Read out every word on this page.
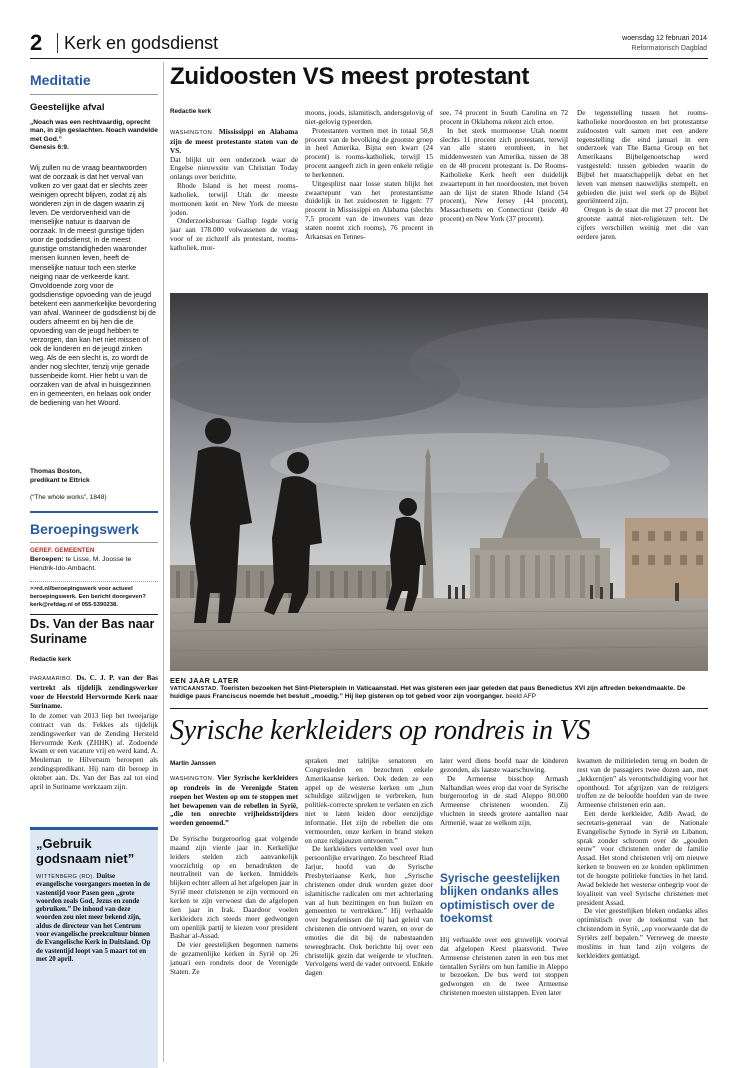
2 Kerk en godsdienst	woensdag 12 februari 2014
Reformatorisch Dagblad
Meditatie
Geestelijke afval
„Noach was een rechtvaardig, oprecht man, in zijn geslachten. Noach wandelde met God.”
Genesis 6:9.
Wij zullen nu de vraag beantwoorden wat de oorzaak is dat het verval van volken zo ver gaat dat er slechts zeer weinigen oprecht blijven, zodat zij als wonderen zijn in de dagen waarin zij leven. De verdorvenheid van de menselijke natuur is daarvan de oorzaak. In de meest gunstige tijden voor de godsdienst, in de meest gunstige omstandigheden waaronder mensen kunnen leven, heeft de menselijke natuur toch een sterke neiging naar de verkeerde kant. Onvoldoende zorg voor de godsdienstige opvoeding van de jeugd betekent een aanmerkelijke bevordering van afval. Wanneer de godsdienst bij de ouders afneemt en bij hen die de opvoeding van de jeugd hebben te verzorgen, dan kan het niet missen of ook de kinderen en de jeugd zinken weg. Als de een slecht is, zo wordt de ander nog slechter, tenzij vrije genade tussenbeide komt. Hier hebt u van de oorzaken van de afval in huisgezinnen en in gemeenten, en helaas ook onder de bediening van het Woord.
Thomas Boston,
predikant te Ettrick
(“The whole works”, 1848)
Beroepingswerk
GEREF. GEMEENTEN
Beroepen: te Lisse, M. Joosse te Hendrik-Ido-Ambacht.
>>rd.nl/beroepingswerk voor actueel beroepingswerk. Een bericht doorgeven? kerk@refdag.nl of 055-5390238.
Ds. Van der Bas naar Suriname
Redactie kerk

PARAMARIBO. Ds. C. J. P. van der Bas vertrekt als tijdelijk zendingswerker voor de Hersteld Hervormde Kerk naar Suriname.

In de zomer van 2013 liep het tweejarige contract van ds. Fekkes als tijdelijk zendingswerker van de Zending Hersteld Hervormde Kerk (ZHHK) af. Zodoende kwam er een vacature vrij en werd kand. A. Meuleman te Hilversum beroepen als zendingspredikant. Hij nam dit beroep in oktober aan. Ds. Van der Bas zal tot eind april in Suriname werkzaam zijn.
„Gebruik godsnaam niet”
WITTENBERG (RD). Duitse evangelische voorgangers moeten in de vastentijd voor Pasen geen „grote woorden zoals God, Jezus en zonde gebruiken.” De inhoud van deze woorden zou niet meer bekend zijn, aldus de directeur van het Centrum voor evangelische preekcultuur binnen de Evangelische Kerk in Duitsland. Op de vastentijd loopt van 5 maart tot en met 20 april.
Zuidoosten VS meest protestant
Redactie kerk

WASHINGTON. Mississippi en Alabama zijn de meest protestante staten van de VS.

Dat blijkt uit een onderzoek waar de Engelse nieuwssite van Christian Today onlangs over berichtte.

Rhode Island is het meest rooms-katholiek, terwijl Utah de meeste mormonen kent en New York de meeste joden.

Onderzoeksbureau Gallup legde vorig jaar aan 178.000 volwassenen de vraag voor of ze zichzelf als protestant, rooms-katholiek, mor-

moons, joods, islamitisch, andersgelovig of niet-gelovig typeerden.

Protestanten vormen met in totaal 50,8 procent van de bevolking de grootste groep in heel Amerika. Bijna een kwart (24 procent) is rooms-katholiek, terwijl 15 procent aangeeft zich in geen enkele religie te herkennen.

Uitgesplitst naar losse staten blijkt het zwaartepunt van het protestantisme duidelijk in het zuidoosten te liggen: 77 procent in Mississippi en Alabama (slechts 7,5 procent van de inwoners van deze staten noemt zich rooms), 76 procent in Arkansas en Tennes-

see, 74 procent in South Carolina en 72 procent in Oklahoma rekent zich ertoe.

In het sterk mormoonse Utah noemt slechts 11 procent zich protestant, terwijl van alle staten eromheen, in het middenwesten van Amerika, tussen de 38 en de 48 procent protestant is. De Rooms-Katholieke Kerk heeft een duidelijk zwaartepunt in het noordoosten, met boven aan de lijst de staten Rhode Island (54 procent), New Jersey (44 procent), Massachusetts en Connecticut (beide 40 procent) en New York (37 procent).

De tegenstelling tussen het rooms-katholieke noordoosten en het protestantse zuidoosten valt samen met een andere tegenstelling die eind januari in een onderzoek van The Barna Group en het Amerikaans Bijbelgenootschap werd vastgesteld: tussen gebieden waarin de Bijbel het maatschappelijk debat en het leven van mensen nauwelijks stempelt, en gebieden die juist wel sterk op de Bijbel georiënteerd zijn.

Oregon is de staat die met 27 procent het grootste aantal niet-religieuzen telt. De cijfers verschillen weinig met die van eerdere jaren.

EEN JAAR LATER
VATICAANSTAD. Toeristen bezoeken het Sint-Pietersplein in Vaticaanstad. Het was gisteren een jaar geleden dat paus Benedictus XVI zijn aftreden bekendmaakte. De huidige paus Franciscus noemde het besluit „moedig.” Hij liep gisteren op tot gebed voor zijn voorganger. beeld AFP
Syrische kerkleiders op rondreis in VS
Martin Janssen

WASHINGTON. Vier Syrische kerkleiders op rondreis in de Verenigde Staten roepen het Westen op om te stoppen met het bewapenen van de rebellen in Syrië, „die ten onrechte vrijheidsstrijders worden genoemd.”

De Syrische burgeroorlog gaat volgende maand zijn vierde jaar in. Kerkelijke leiders stelden zich aanvankelijk voorzichtig op en benadrukten de neutraliteit van de kerken. Inmiddels blijken echter alleen al het afgelopen jaar in Syrië meer christenen te zijn vermoord en kerken te zijn verwoest dan de afgelopen tien jaar in Irak. Daardoor voelen kerkleiders zich steeds meer gedwongen om openlijk partij te kiezen voor president Bashar al-Assad.

De vier geestelijken begonnen namens de gezamenlijke kerken in Syrië op 26 januari een rondreis door de Verenigde Staten. Ze

spraken met talrijke senatoren en Congresleden en bezochten enkele Amerikaanse kerken. Ook deden ze een appel op de westerse kerken om „hun schuldige stilzwijgen te verbreken, hun politiek-correcte spreken te verlaten en zich niet te laten leiden door eenzijdige informatie. Het zijn de rebellen die ons vermoorden, onze kerken in brand steken en onze religieuzen ontvoeren.”

De kerkleiders vertelden veel over hun persoonlijke ervaringen. Zo beschreef Riad Jarjur, hoofd van de Syrische Presbyteriaanse Kerk, hoe „Syrische christenen onder druk worden gezet door islamitische radicalen om met achterlating van al hun bezittingen en hun huizen en gemeenten te vertrekken.” Hij verhaalde over begrafenissen die hij had geleid van christenen die ontvoerd waren, en over de emoties die dit bij de nabestaanden teweegbracht. Ook berichtte hij over een christelijk gezin dat weigerde te vluchten. Vervolgens werd de vader ontvoerd. Enkele dagen

later werd diens hoofd naar de kinderen gezonden, als laatste waarschuwing.

De Armeense bisschop Armash Nalbandian wees erop dat voor de Syrische burgeroorlog in de stad Aleppo 80.000 Armeense christenen woonden. Zij vluchten in steeds grotere aantallen naar Armenië, waar ze welkom zijn.

Syrische geestelijken blijken ondanks alles optimistisch over de toekomst
Hij verhaalde over een gruwelijk voorval dat afgelopen Kerst plaatsvond. Twee Armeense christenen zaten in een bus met tientallen Syriërs om hun familie in Aleppo te bezoeken. De bus werd tot stoppen gedwongen en de twee Armeense christenen moesten uitstappen. Even later

kwamen de militieleden terug en boden de rest van de passagiers twee dozen aan, met „lekkernijen” als verontschuldiging voor het oponthoud. Tot afgrijzen van de reizigers troffen ze de beloofde hoofden van de twee Armeense christenen erin aan.

Een derde kerkleider, Adib Awad, de secretaris-generaal van de Nationale Evangelische Synode in Syrië en Libanon, sprak zonder schroom over de „gouden eeuw” voor christenen onder de familie Assad. Het stond christenen vrij om nieuwe kerken te bouwen en ze konden opklimmen tot de hoogste politieke functies in het land. Awad beklede het westerse onbegrip voor de loyaliteit van veel Syrische christenen met president Assad.

De vier geestelijken bleken ondanks alles optimistisch over de toekomst van het christendom in Syrië, „op voorwaarde dat de Syriërs zelf bepalen.” Verreweg de meeste moslims in hun land zijn volgens de kerkleiders gematigd.
